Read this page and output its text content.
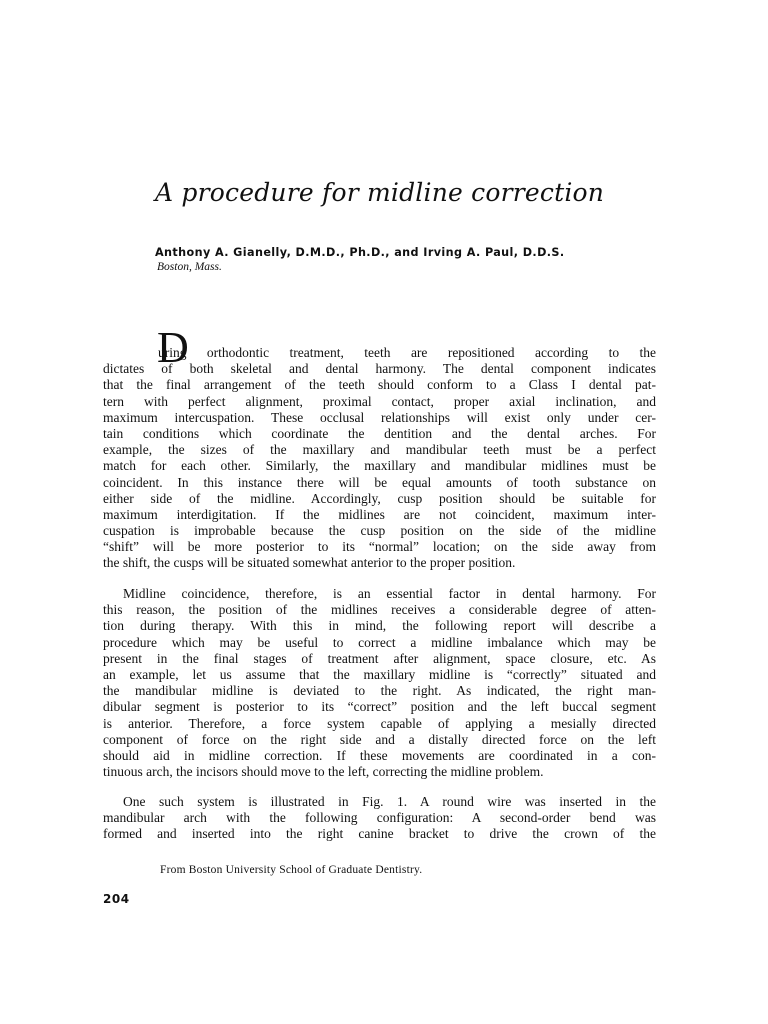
A procedure for midline correction
Anthony A. Gianelly, D.M.D., Ph.D., and Irving A. Paul, D.D.S.
Boston, Mass.
D
uring orthodontic treatment, teeth are repositioned according to the
dictates of both skeletal and dental harmony. The dental component indicates
that the final arrangement of the teeth should conform to a Class I dental pat-
tern with perfect alignment, proximal contact, proper axial inclination, and
maximum intercuspation. These occlusal relationships will exist only under cer-
tain conditions which coordinate the dentition and the dental arches. For
example, the sizes of the maxillary and mandibular teeth must be a perfect
match for each other. Similarly, the maxillary and mandibular midlines must be
coincident. In this instance there will be equal amounts of tooth substance on
either side of the midline. Accordingly, cusp position should be suitable for
maximum interdigitation. If the midlines are not coincident, maximum inter-
cuspation is improbable because the cusp position on the side of the midline
“shift” will be more posterior to its “normal” location; on the side away from
the shift, the cusps will be situated somewhat anterior to the proper position.
Midline coincidence, therefore, is an essential factor in dental harmony. For
this reason, the position of the midlines receives a considerable degree of atten-
tion during therapy. With this in mind, the following report will describe a
procedure which may be useful to correct a midline imbalance which may be
present in the final stages of treatment after alignment, space closure, etc. As
an example, let us assume that the maxillary midline is “correctly” situated and
the mandibular midline is deviated to the right. As indicated, the right man-
dibular segment is posterior to its “correct” position and the left buccal segment
is anterior. Therefore, a force system capable of applying a mesially directed
component of force on the right side and a distally directed force on the left
should aid in midline correction. If these movements are coordinated in a con-
tinuous arch, the incisors should move to the left, correcting the midline problem.
One such system is illustrated in Fig. 1. A round wire was inserted in the
mandibular arch with the following configuration: A second-order bend was
formed and inserted into the right canine bracket to drive the crown of the
From Boston University School of Graduate Dentistry.
204
